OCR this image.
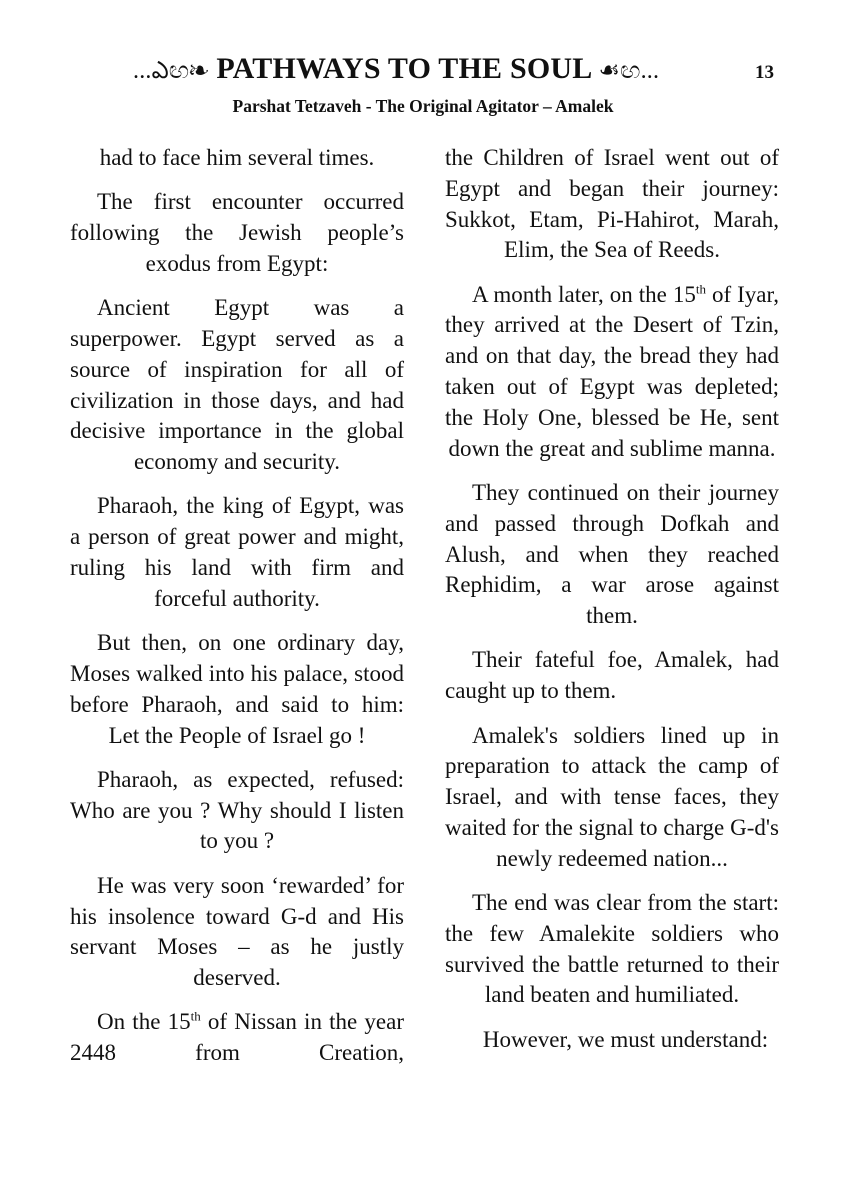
...ఎඟ❧ PATHWAYS TO THE SOUL ☙ඟ...	13
Parshat Tetzaveh - The Original Agitator – Amalek

had to face him several times.

The first encounter occurred following the Jewish people’s exodus from Egypt:

Ancient Egypt was a superpower. Egypt served as a source of inspiration for all of civilization in those days, and had decisive importance in the global economy and security.

Pharaoh, the king of Egypt, was a person of great power and might, ruling his land with firm and forceful authority.

But then, on one ordinary day, Moses walked into his palace, stood before Pharaoh, and said to him: Let the People of Israel go !

Pharaoh, as expected, refused: Who are you ? Why should I listen to you ?

He was very soon ‘rewarded’ for his insolence toward G-d and His servant Moses – as he justly deserved.

On the 15th of Nissan in the year 2448 from Creation,

the Children of Israel went out of Egypt and began their journey: Sukkot, Etam, Pi-Hahirot, Marah, Elim, the Sea of Reeds.

A month later, on the 15th of Iyar, they arrived at the Desert of Tzin, and on that day, the bread they had taken out of Egypt was depleted; the Holy One, blessed be He, sent down the great and sublime manna.

They continued on their journey and passed through Dofkah and Alush, and when they reached Rephidim, a war arose against them.

Their fateful foe, Amalek, had caught up to them.

Amalek's soldiers lined up in preparation to attack the camp of Israel, and with tense faces, they waited for the signal to charge G-d's newly redeemed nation...

The end was clear from the start: the few Amalekite soldiers who survived the battle returned to their land beaten and humiliated.

However, we must understand:
